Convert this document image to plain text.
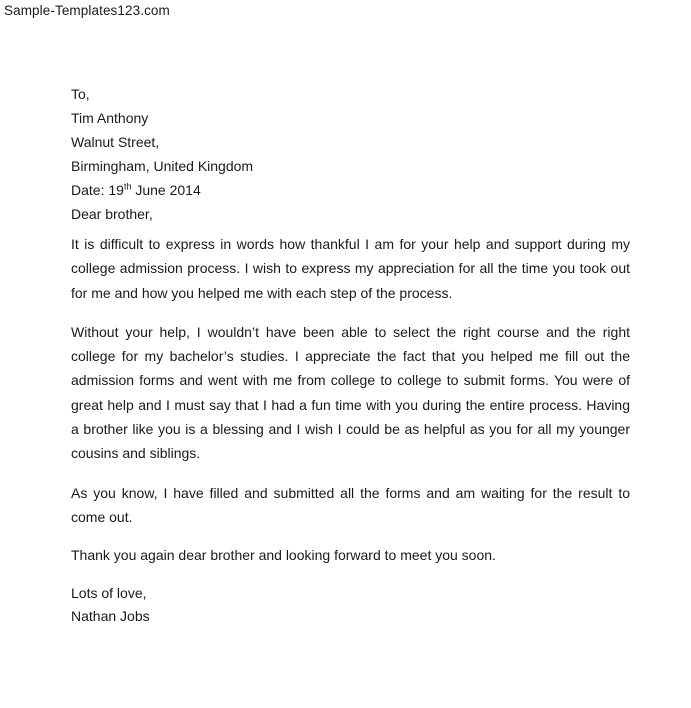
Sample-Templates123.com
To,
Tim Anthony
Walnut Street,
Birmingham, United Kingdom
Date: 19th June 2014
Dear brother,

It is difficult to express in words how thankful I am for your help and support during my college admission process. I wish to express my appreciation for all the time you took out for me and how you helped me with each step of the process.

Without your help, I wouldn’t have been able to select the right course and the right college for my bachelor’s studies. I appreciate the fact that you helped me fill out the admission forms and went with me from college to college to submit forms. You were of great help and I must say that I had a fun time with you during the entire process. Having a brother like you is a blessing and I wish I could be as helpful as you for all my younger cousins and siblings.

As you know, I have filled and submitted all the forms and am waiting for the result to come out.

Thank you again dear brother and looking forward to meet you soon.

Lots of love,
Nathan Jobs
